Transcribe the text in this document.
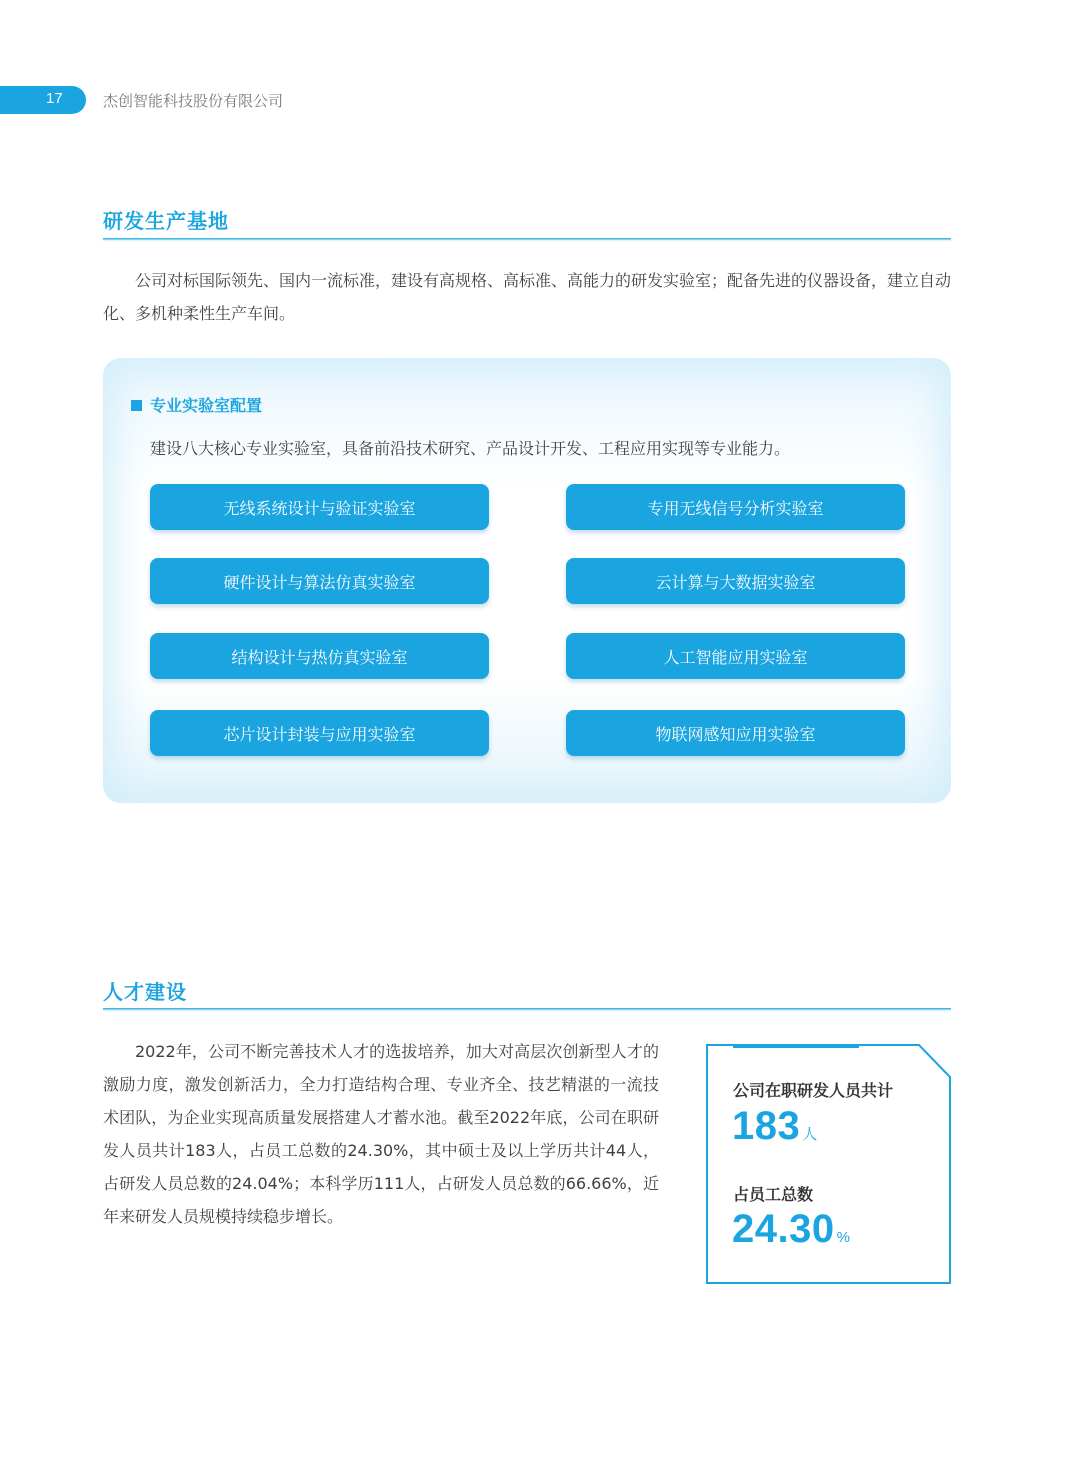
17	杰创智能科技股份有限公司
研发生产基地

公司对标国际领先、国内一流标准，建设有高规格、高标准、高能力的研发实验室；配备先进的仪器设备，建立自动化、多机种柔性生产车间。

专业实验室配置
建设八大核心专业实验室，具备前沿技术研究、产品设计开发、工程应用实现等专业能力。
无线系统设计与验证实验室	专用无线信号分析实验室
硬件设计与算法仿真实验室	云计算与大数据实验室
结构设计与热仿真实验室	人工智能应用实验室
芯片设计封装与应用实验室	物联网感知应用实验室
人才建设

2022年，公司不断完善技术人才的选拔培养，加大对高层次创新型人才的激励力度，激发创新活力，全力打造结构合理、专业齐全、技艺精湛的一流技术团队，为企业实现高质量发展搭建人才蓄水池。截至2022年底，公司在职研发人员共计183人，占员工总数的24.30%，其中硕士及以上学历共计44人，占研发人员总数的24.04%；本科学历111人，占研发人员总数的66.66%，近年来研发人员规模持续稳步增长。

公司在职研发人员共计
183 人
占员工总数
24.30 %
